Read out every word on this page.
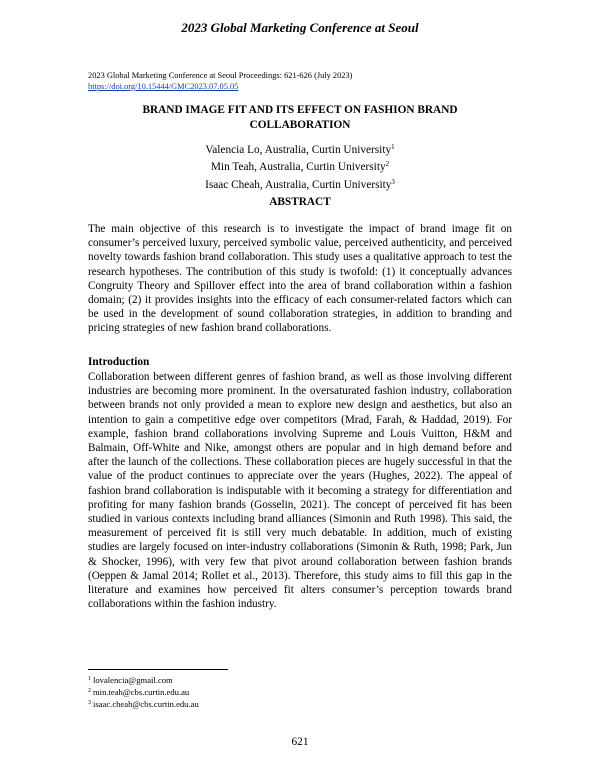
2023 Global Marketing Conference at Seoul
2023 Global Marketing Conference at Seoul Proceedings: 621-626 (July 2023)
https://doi.org/10.15444/GMC2023.07.05.05
BRAND IMAGE FIT AND ITS EFFECT ON FASHION BRAND
COLLABORATION
Valencia Lo, Australia, Curtin University$^1$
Min Teah, Australia, Curtin University$^2$
Isaac Cheah, Australia, Curtin University$^3$
ABSTRACT
The main objective of this research is to investigate the impact of brand image fit on consumer’s perceived luxury, perceived symbolic value, perceived authenticity, and perceived novelty towards fashion brand collaboration. This study uses a qualitative approach to test the research hypotheses. The contribution of this study is twofold: (1) it conceptually advances Congruity Theory and Spillover effect into the area of brand collaboration within a fashion domain; (2) it provides insights into the efficacy of each consumer-related factors which can be used in the development of sound collaboration strategies, in addition to branding and pricing strategies of new fashion brand collaborations.
Introduction
Collaboration between different genres of fashion brand, as well as those involving different industries are becoming more prominent. In the oversaturated fashion industry, collaboration between brands not only provided a mean to explore new design and aesthetics, but also an intention to gain a competitive edge over competitors (Mrad, Farah, & Haddad, 2019). For example, fashion brand collaborations involving Supreme and Louis Vuitton, H&M and Balmain, Off-White and Nike, amongst others are popular and in high demand before and after the launch of the collections. These collaboration pieces are hugely successful in that the value of the product continues to appreciate over the years (Hughes, 2022). The appeal of fashion brand collaboration is indisputable with it becoming a strategy for differentiation and profiting for many fashion brands (Gosselin, 2021). The concept of perceived fit has been studied in various contexts including brand alliances (Simonin and Ruth 1998). This said, the measurement of perceived fit is still very much debatable. In addition, much of existing studies are largely focused on inter-industry collaborations (Simonin & Ruth, 1998; Park, Jun & Shocker, 1996), with very few that pivot around collaboration between fashion brands (Oeppen & Jamal 2014; Rollet et al., 2013). Therefore, this study aims to fill this gap in the literature and examines how perceived fit alters consumer’s perception towards brand collaborations within the fashion industry.
$^1$ lovalencia@gmail.com
$^2$ min.teah@cbs.curtin.edu.au
$^3$ isaac.cheah@cbs.curtin.edu.au
621
